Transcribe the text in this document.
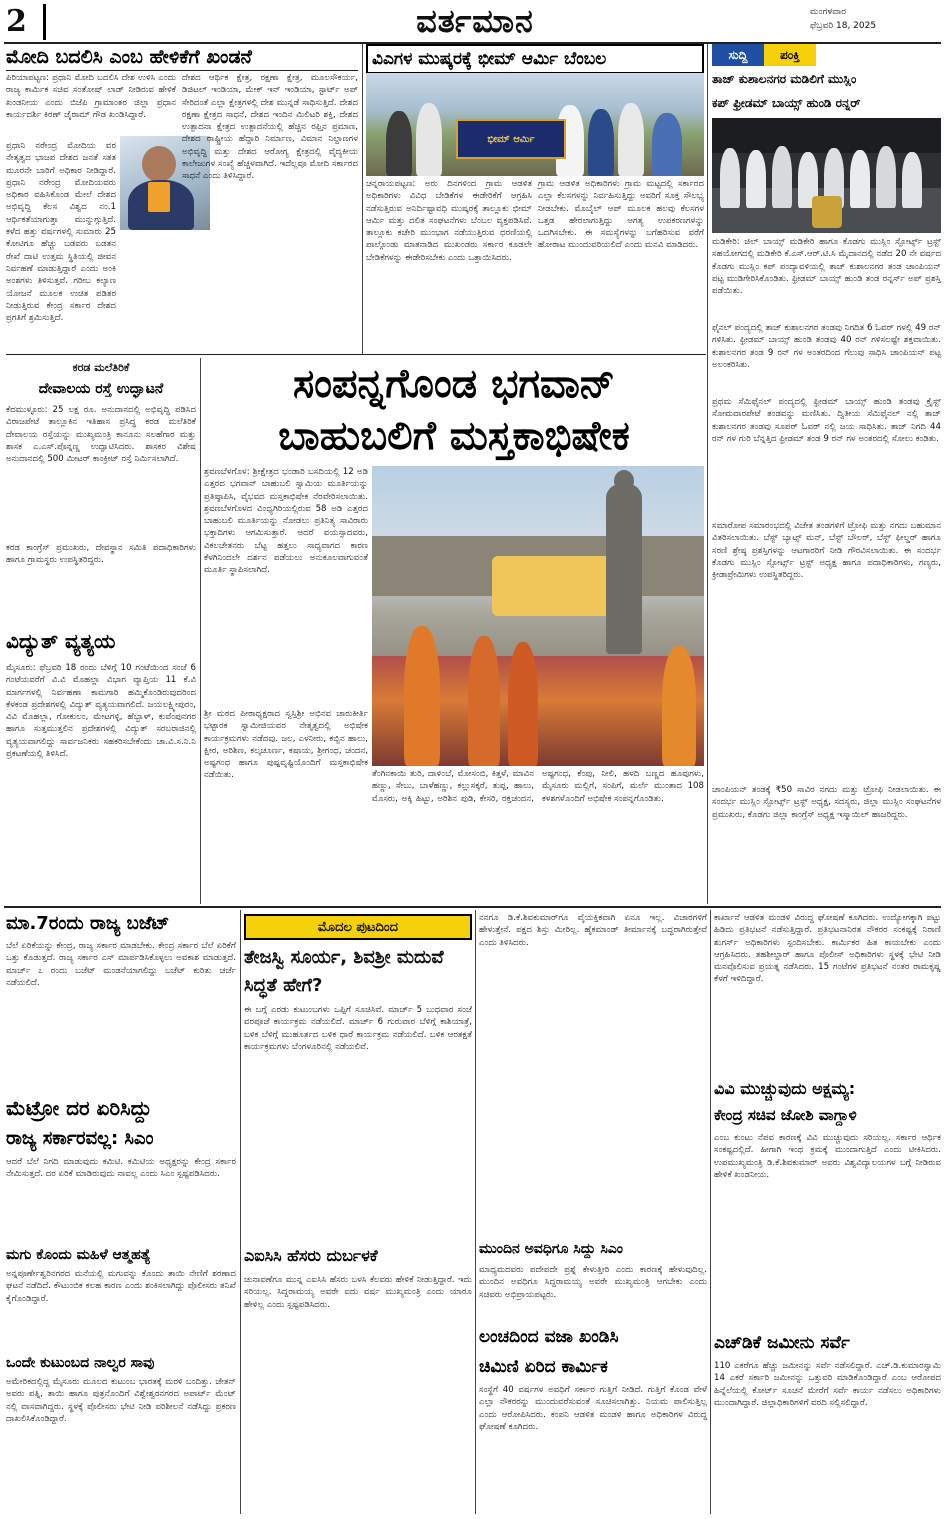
2	ವರ್ತಮಾನ	ಮಂಗಳವಾರ
ಫೆಬ್ರವರಿ 18, 2025
ಮೋದಿ ಬದಲಿಸಿ ಎಂಬ ಹೇಳಿಕೆಗೆ ಖಂಡನೆ
ಪಿರಿಯಾಪಟ್ಟಣ: ಪ್ರಧಾನಿ ಮೋದಿ ಬದಲಿಸಿ ದೇಶ ಉಳಿಸಿ ಎಂದು ರಾಜ್ಯ ಕಾರ್ಮಿಕ ಸಚಿವ ಸಂತೋಷ್ ಲಾಡ್ ನೀಡಿರುವ ಹೇಳಿಕೆ ಖಂಡನೀಯ ಎಂದು ಬಿಜೆಪಿ ಗ್ರಾಮಾಂತರ ಜಿಲ್ಲಾ ಪ್ರಧಾನ ಕಾರ್ಯದರ್ಶಿ ಕಿರಣ್ ಜೈರಾಮ್ ಗೌಡ ಖಂಡಿಸಿದ್ದಾರೆ.
ಪ್ರಧಾನಿ ನರೇಂದ್ರ ಮೋದಿಯ ವರ ನೇತೃತ್ವದ ಭಾಜಪ ದೇಶದ ಜನತೆ ಸತತ ಮೂರನೇ ಬಾರಿಗೆ ಅಧಿಕಾರ ನೀಡಿದ್ದಾರೆ. ಪ್ರಧಾನಿ ನರೇಂದ್ರ ಮೋದಿಯವರು ಅಧಿಕಾರ ವಹಿಸಿಕೊಂಡ ಮೇಲೆ ದೇಶದ ಅಭಿವೃದ್ಧಿ ಕೆಲಸ ವಿಶ್ವದ ನಂ.1 ಆರ್ಥಿಕತೆಯಾಗುತ್ತಾ ಮುನ್ನುಗ್ಗುತ್ತಿದೆ. ಕಳೆದ ಹತ್ತು ವರ್ಷಗಳಲ್ಲಿ ಸುಮಾರು 25 ಕೋಟಿಗೂ ಹೆಚ್ಚು ಬಡವರು ಬಡತನ ರೇಖೆ ದಾಟಿ ಉತ್ತಮ ಸ್ಥಿತಿಯಲ್ಲಿ ಜೀವನ ನಿರ್ವಹಣೆ ಮಾಡುತ್ತಿದ್ದಾರೆ ಎಂದು ಅಂಕಿ ಅಂಶಗಳು ತಿಳಿಸುತ್ತವೆ. ಗರೀಬ ಕಲ್ಯಾಣ ಯೋಜನೆ ಮೂಲಕ ಉಚಿತ ಪಡಿತರ ನೀಡುತ್ತಿರುವ ಕೇಂದ್ರ ಸರ್ಕಾರ ದೇಶದ ಪ್ರಗತಿಗೆ ಶ್ರಮಿಸುತ್ತಿದೆ.
ದೇಶದ ಆರ್ಥಿಕ ಕ್ಷೇತ್ರ, ರಕ್ಷಣಾ ಕ್ಷೇತ್ರ, ಮೂಲಸೌಕರ್ಯ, ಡಿಜಿಟಲ್ ಇಂಡಿಯಾ, ಮೇಕ್ ಇನ್ ಇಂಡಿಯಾ, ಸ್ಟಾರ್ಟ್ ಅಪ್ ಸೇರಿದಂತೆ ಎಲ್ಲಾ ಕ್ಷೇತ್ರಗಳಲ್ಲಿ ದೇಶ ಮುನ್ನಡೆ ಸಾಧಿಸುತ್ತಿದೆ. ದೇಶದ ರಕ್ಷಣಾ ಕ್ಷೇತ್ರದ ಸಾಧನೆ, ದೇಶದ ಇಂದಿನ ಮಿಲಿಟರಿ ಶಕ್ತಿ, ದೇಶದ ಉತ್ಪಾದನಾ ಕ್ಷೇತ್ರದ ಉತ್ಪಾದನೆಯಲ್ಲಿ ಹೆಚ್ಚಿನ ರಫ್ತಿನ ಪ್ರಮಾಣ, ದೇಶದ ರಾಷ್ಟ್ರೀಯ ಹೆದ್ದಾರಿ ನಿರ್ಮಾಣ, ವಿಮಾನ ನಿಲ್ದಾಣಗಳ ಅಭಿವೃದ್ಧಿ ಮತ್ತು ದೇಶದ ಆರೋಗ್ಯ ಕ್ಷೇತ್ರದಲ್ಲಿ ವೈದ್ಯಕೀಯ ಕಾಲೇಜುಗಳ ಸಂಖ್ಯೆ ಹೆಚ್ಚಳವಾಗಿದೆ. ಇದೆಲ್ಲವೂ ಮೋದಿ ಸರ್ಕಾರದ ಸಾಧನೆ ಎಂದು ತಿಳಿಸಿದ್ದಾರೆ.
ವಿಎಗಳ ಮುಷ್ಕರಕ್ಕೆ ಭೀಮ್ ಆರ್ಮಿ ಬೆಂಬಲ
ಭೀಮ್ ಆರ್ಮಿ
ಚನ್ನರಾಯಪಟ್ಟಣ: ಅರು ದಿನಗಳಿಂದ ಗ್ರಾಮ ಆಡಳಿತ ಅಧಿಕಾರಿಗಳು ವಿವಿಧ ಬೇಡಿಕೆಗಳ ಈಡೇರಿಕೆಗೆ ಆಗ್ರಹಿಸಿ ನಡೆಸುತ್ತಿರುವ ಅನಿರ್ದಿಷ್ಟಾವಧಿ ಮುಷ್ಕರಕ್ಕೆ ತಾಲ್ಲೂಕು ಭೀಮ್ ಆರ್ಮಿ ಮತ್ತು ದಲಿತ ಸಂಘಟನೆಗಳು ಬೆಂಬಲ ವ್ಯಕ್ತಪಡಿಸಿವೆ. ತಾಲ್ಲೂಕು ಕಚೇರಿ ಮುಂಭಾಗ ನಡೆಯುತ್ತಿರುವ ಧರಣಿಯಲ್ಲಿ ಪಾಲ್ಗೊಂಡು ಮಾತನಾಡಿದ ಮುಖಂಡರು ಸರ್ಕಾರ ಕೂಡಲೇ ಬೇಡಿಕೆಗಳನ್ನು ಈಡೇರಿಸಬೇಕು ಎಂದು ಒತ್ತಾಯಿಸಿದರು.
ಗ್ರಾಮ ಆಡಳಿತ ಅಧಿಕಾರಿಗಳು ಗ್ರಾಮ ಮಟ್ಟದಲ್ಲಿ ಸರ್ಕಾರದ ಎಲ್ಲಾ ಕೆಲಸಗಳನ್ನು ನಿರ್ವಹಿಸುತ್ತಿದ್ದು ಅವರಿಗೆ ಸೂಕ್ತ ಸೌಲಭ್ಯ ನೀಡಬೇಕು. ಮೊಬೈಲ್ ಆಪ್ ಮೂಲಕ ಹಲವು ಕೆಲಸಗಳ ಒತ್ತಡ ಹೇರಲಾಗುತ್ತಿದ್ದು ಅಗತ್ಯ ಉಪಕರಣಗಳನ್ನು ಒದಗಿಸಬೇಕು. ಈ ಸಮಸ್ಯೆಗಳನ್ನು ಬಗೆಹರಿಸುವ ವರೆಗೆ ಹೋರಾಟ ಮುಂದುವರಿಯಲಿದೆ ಎಂದು ಮನವಿ ಮಾಡಿದರು.
ಸುದ್ದಿ	ಪಂಕ್ತಿ
ತಾಜ್ ಕುಶಾಲನಗರ ಮಡಿಲಿಗೆ ಮುಸ್ಲಿಂ
ಕಪ್ ಫ್ರೀಡಮ್ ಬಾಯ್ಸ್ ಹುಂಡಿ ರನ್ನರ್
ಮಡಿಕೇರಿ: ಚಿಲ್ ಬಾಯ್ಸ್ ಮಡಿಕೇರಿ ಹಾಗೂ ಕೊಡಗು ಮುಸ್ಲಿಂ ಸ್ಪೋರ್ಟ್ಸ್ ಟ್ರಸ್ಟ್ ಸಹಯೋಗದಲ್ಲಿ ಮಡಿಕೇರಿ ಕೆ.ಎಸ್.ಆರ್.ಟಿ.ಸಿ ಮೈದಾನದಲ್ಲಿ ನಡೆದ 20 ನೇ ವರ್ಷದ ಕೊಡಗು ಮುಸ್ಲಿಂ ಕಪ್ ಪಂದ್ಯಾವಳಿಯಲ್ಲಿ ತಾಜ್ ಕುಶಾಲನಗರ ತಂಡ ಚಾಂಪಿಯನ್ ಪಟ್ಟ ಮುಡಿಗೇರಿಸಿಕೊಂಡಿತು. ಫ್ರೀಡಮ್ ಬಾಯ್ಸ್ ಹುಂಡಿ ತಂಡ ರನ್ನರ್ಸ್ ಅಪ್ ಪ್ರಶಸ್ತಿ ಪಡೆಯಿತು.
ಫೈನಲ್ ಪಂದ್ಯದಲ್ಲಿ ತಾಜ್ ಕುಶಾಲನಗರ ತಂಡವು ನಿಗದಿತ 6 ಓವರ್ ಗಳಲ್ಲಿ 49 ರನ್ ಗಳಿಸಿತು. ಫ್ರೀಡಮ್ ಬಾಯ್ಸ್ ಹುಂಡಿ ತಂಡವು 40 ರನ್ ಗಳಿಸಲಷ್ಟೇ ಶಕ್ತವಾಯಿತು. ಕುಶಾಲನಗರ ತಂಡ 9 ರನ್ ಗಳ ಅಂತರದಿಂದ ಗೆಲುವು ಸಾಧಿಸಿ ಚಾಂಪಿಯನ್ ಪಟ್ಟ ಅಲಂಕರಿಸಿತು.
ಪ್ರಥಮ ಸೆಮಿಫೈನಲ್ ಪಂದ್ಯದಲ್ಲಿ ಫ್ರೀಡಮ್ ಬಾಯ್ಸ್ ಹುಂಡಿ ತಂಡವು ಕ್ರೈಸ್ಟ್ ಸೋಮವಾರಪೇಟೆ ತಂಡವನ್ನು ಮಣಿಸಿತು. ದ್ವಿತೀಯ ಸೆಮಿಫೈನಲ್ ನಲ್ಲಿ ತಾಜ್ ಕುಶಾಲನಗರ ತಂಡವು ಸೂಪರ್ ಓವರ್ ನಲ್ಲಿ ಜಯ ಸಾಧಿಸಿತು. ತಾಜ್ ನಿಗದಿ 44 ರನ್ ಗಳ ಗುರಿ ಬೆನ್ನತ್ತಿದ ಫ್ರೀಡಮ್ ತಂಡ 9 ರನ್ ಗಳ ಅಂತರದಲ್ಲಿ ಸೋಲು ಕಂಡಿತು.
ಸಮಾರೋಪ ಸಮಾರಂಭದಲ್ಲಿ ವಿಜೇತ ತಂಡಗಳಿಗೆ ಟ್ರೋಫಿ ಮತ್ತು ನಗದು ಬಹುಮಾನ ವಿತರಿಸಲಾಯಿತು. ಬೆಸ್ಟ್ ಬ್ಯಾಟ್ಸ್ ಮನ್, ಬೆಸ್ಟ್ ಬೌಲರ್, ಬೆಸ್ಟ್ ಫೀಲ್ಡರ್ ಹಾಗೂ ಸರಣಿ ಶ್ರೇಷ್ಠ ಪ್ರಶಸ್ತಿಗಳನ್ನು ಆಟಗಾರರಿಗೆ ನೀಡಿ ಗೌರವಿಸಲಾಯಿತು. ಈ ಸಂದರ್ಭ ಕೊಡಗು ಮುಸ್ಲಿಂ ಸ್ಪೋರ್ಟ್ಸ್ ಟ್ರಸ್ಟ್ ಅಧ್ಯಕ್ಷ ಹಾಗೂ ಪದಾಧಿಕಾರಿಗಳು, ಗಣ್ಯರು, ಕ್ರೀಡಾಪ್ರೇಮಿಗಳು ಉಪಸ್ಥಿತರಿದ್ದರು.
ಚಾಂಪಿಯನ್ ತಂಡಕ್ಕೆ ₹50 ಸಾವಿರ ನಗದು ಮತ್ತು ಟ್ರೋಫಿ ನೀಡಲಾಯಿತು. ಈ ಸಂದರ್ಭ ಮುಸ್ಲಿಂ ಸ್ಪೋರ್ಟ್ಸ್ ಟ್ರಸ್ಟ್ ಅಧ್ಯಕ್ಷ, ಸದಸ್ಯರು, ಜಿಲ್ಲಾ ಮುಸ್ಲಿಂ ಸಂಘಟನೆಗಳ ಪ್ರಮುಖರು, ಕೊಡಗು ಜಿಲ್ಲಾ ಕಾಂಗ್ರೆಸ್ ಅಧ್ಯಕ್ಷ ಇಸ್ಮಾಯಿಲ್ ಹಾಜರಿದ್ದರು.
ಕರಡ ಮಲೆತಿರಿಕೆ
ದೇವಾಲಯ ರಸ್ತೆ ಉದ್ಘಾಟನೆ
ಕೆದಮುಳ್ಳೂರು: 25 ಲಕ್ಷ ರೂ. ಅನುದಾನದಲ್ಲಿ ಅಭಿವೃದ್ಧಿ ಪಡಿಸಿದ ವಿರಾಜಪೇಟೆ ತಾಲ್ಲೂಕಿನ ಇತಿಹಾಸ ಪ್ರಸಿದ್ಧ ಕರಡ ಮಲೆತಿರಿಕೆ ದೇವಾಲಯ ರಸ್ತೆಯನ್ನು ಮುಖ್ಯಮಂತ್ರಿ ಕಾನೂನು ಸಲಹೆಗಾರ ಮತ್ತು ಶಾಸಕ ಎ.ಎಸ್.ಪೊನ್ನಣ್ಣ ಉದ್ಘಾಟಿಸಿದರು. ಶಾಸಕರ ವಿಶೇಷ ಅನುದಾನದಲ್ಲಿ 500 ಮೀಟರ್ ಕಾಂಕ್ರೀಟ್ ರಸ್ತೆ ನಿರ್ಮಿಸಲಾಗಿದೆ.
ಕರಡ ಕಾಂಗ್ರೆಸ್ ಪ್ರಮುಖರು, ದೇವಸ್ಥಾನ ಸಮಿತಿ ಪದಾಧಿಕಾರಿಗಳು ಹಾಗೂ ಗ್ರಾಮಸ್ಥರು ಉಪಸ್ಥಿತರಿದ್ದರು.
ವಿದ್ಯುತ್ ವ್ಯತ್ಯಯ
ಮೈಸೂರು: ಫೆಬ್ರವರಿ 18 ರಂದು ಬೆಳಿಗ್ಗೆ 10 ಗಂಟೆಯಿಂದ ಸಂಜೆ 6 ಗಂಟೆಯವರೆಗೆ ವಿ.ವಿ ಮೊಹಲ್ಲಾ ವಿಭಾಗ ವ್ಯಾಪ್ತಿಯ 11 ಕೆ.ವಿ ಮಾರ್ಗಗಳಲ್ಲಿ ನಿರ್ವಹಣಾ ಕಾಮಗಾರಿ ಹಮ್ಮಿಕೊಂಡಿರುವುದರಿಂದ ಕೆಳಕಂಡ ಪ್ರದೇಶಗಳಲ್ಲಿ ವಿದ್ಯುತ್ ವ್ಯತ್ಯಯವಾಗಲಿದೆ. ಜಯಲಕ್ಷ್ಮೀಪುರಂ, ವಿವಿ ಮೊಹಲ್ಲಾ, ಗೋಕುಲಂ, ಮೇಟಗಳ್ಳಿ, ಹೆಬ್ಬಾಳ್, ಕುವೆಂಪುನಗರ ಹಾಗೂ ಸುತ್ತಮುತ್ತಲಿನ ಪ್ರದೇಶಗಳಲ್ಲಿ ವಿದ್ಯುತ್ ಸರಬರಾಜಿನಲ್ಲಿ ವ್ಯತ್ಯಯವಾಗಲಿದ್ದು ಸಾರ್ವಜನಿಕರು ಸಹಕರಿಸಬೇಕೆಂದು ಚಾ.ವಿ.ಸ.ನಿ.ನಿ ಪ್ರಕಟಣೆಯಲ್ಲಿ ತಿಳಿಸಿದೆ.
ಸಂಪನ್ನಗೊಂಡ ಭಗವಾನ್
ಬಾಹುಬಲಿಗೆ ಮಸ್ತಕಾಭಿಷೇಕ
ಶ್ರವಣಬೆಳಗೊಳ: ಶ್ರೀಕ್ಷೇತ್ರದ ಭಂಡಾರಿ ಬಸದಿಯಲ್ಲಿ 12 ಅಡಿ ಎತ್ತರದ ಭಗವಾನ್ ಬಾಹುಬಲಿ ಸ್ವಾಮಿಯ ಮೂರ್ತಿಯನ್ನು ಪ್ರತಿಷ್ಠಾಪಿಸಿ, ವೈಭವದ ಮಸ್ತಕಾಭಿಷೇಕ ನೆರವೇರಿಸಲಾಯಿತು. ಶ್ರವಣಬೆಳಗೊಳದ ವಿಂಧ್ಯಗಿರಿಯಲ್ಲಿರುವ 58 ಅಡಿ ಎತ್ತರದ ಬಾಹುಬಲಿ ಮೂರ್ತಿಯನ್ನು ನೋಡಲು ಪ್ರತಿನಿತ್ಯ ಸಾವಿರಾರು ಭಕ್ತಾದಿಗಳು ಆಗಮಿಸುತ್ತಾರೆ. ಆದರೆ ವಯಸ್ಸಾದವರು, ವಿಕಲಚೇತನರು ಬೆಟ್ಟ ಹತ್ತಲು ಸಾಧ್ಯವಾಗದ ಕಾರಣ ಕೆಳಗಿನಿಂದಲೇ ದರ್ಶನ ಪಡೆಯಲು ಅನುಕೂಲವಾಗುವಂತೆ ಮೂರ್ತಿ ಸ್ಥಾಪಿಸಲಾಗಿದೆ.
ಶ್ರೀ ಮಠದ ಪೀಠಾಧ್ಯಕ್ಷರಾದ ಸ್ವಸ್ತಿಶ್ರೀ ಅಭಿನವ ಚಾರುಕೀರ್ತಿ ಭಟ್ಟಾರಕ ಸ್ವಾಮೀಜಿಯವರ ನೇತೃತ್ವದಲ್ಲಿ ಅಭಿಷೇಕ ಕಾರ್ಯಕ್ರಮಗಳು ನಡೆದವು. ಜಲ, ಎಳನೀರು, ಕಬ್ಬಿನ ಹಾಲು, ಕ್ಷೀರ, ಅರಿಶಿಣ, ಕಲ್ಕಚೂರ್ಣ, ಕಷಾಯ, ಶ್ರೀಗಂಧ, ಚಂದನ, ಅಷ್ಟಗಂಧ ಹಾಗೂ ಪುಷ್ಪವೃಷ್ಟಿಯೊಂದಿಗೆ ಮಸ್ತಕಾಭಿಷೇಕ ನಡೆಯಿತು.	ತೆಂಗಿನಕಾಯಿ ತುರಿ, ದಾಳಿಂಬೆ, ಮೋಸಂಬಿ, ಕಿತ್ತಳೆ, ಮಾವಿನ ಹಣ್ಣು, ಸೇಬು, ಬಾಳೆಹಣ್ಣು, ಕಲ್ಲುಸಕ್ಕರೆ, ತುಪ್ಪ, ಹಾಲು, ಮೊಸರು, ಅಕ್ಕಿ ಹಿಟ್ಟು, ಅರಿಶಿನ ಪುಡಿ, ಕೇಸರಿ, ರಕ್ತಚಂದನ, ಅಷ್ಟಗಂಧ, ಕೆಂಪು, ನೀಲಿ, ಹಳದಿ ಬಣ್ಣದ ಹೂವುಗಳು, ಮೈಸೂರು ಮಲ್ಲಿಗೆ, ಸಂಪಿಗೆ, ಮರ್ಲೆ ಮುಂತಾದ 108 ಕಳಶಗಳೊಂದಿಗೆ ಅಭಿಷೇಕ ಸಂಪನ್ನಗೊಂಡಿತು.
ಮಾ.7ರಂದು ರಾಜ್ಯ ಬಜೆಟ್
ಬೆಲೆ ಏರಿಕೆಯನ್ನು ಕೇಂದ್ರ, ರಾಜ್ಯ ಸರ್ಕಾರ ಮಾಡಬೇಕು. ಕೇಂದ್ರ ಸರ್ಕಾರ ಬೆಲೆ ಏರಿಕೆಗೆ ಒತ್ತು ಕೊಡುತ್ತದೆ. ರಾಜ್ಯ ಸರ್ಕಾರ ಎಸ್ ಮಾರ್ಪಡಿಸಿಕೊಳ್ಳಲು ಅವಕಾಶ ಮಾಡುತ್ತದೆ. ಮಾರ್ಚ್ ೭ ರಂದು ಬಜೆಟ್ ಮಂಡನೆಯಾಗಲಿದ್ದು ಬಜೆಟ್ ಕುರಿತು ಚರ್ಚೆ ನಡೆಯಲಿದೆ.
ಮೆಟ್ರೋ ದರ ಏರಿಸಿದ್ದು
ರಾಜ್ಯ ಸರ್ಕಾರವಲ್ಲ: ಸಿಎಂ
ಆದರೆ ಬೆಲೆ ನಿಗದಿ ಮಾಡುವುದು ಕಮಿಟಿ. ಕಮಿಟಿಯ ಅಧ್ಯಕ್ಷರನ್ನು ಕೇಂದ್ರ ಸರ್ಕಾರ ನೇಮಿಸುತ್ತದೆ. ದರ ಏರಿಕೆ ಮಾಡಿರುವುದು ನಾವಲ್ಲ ಎಂದು ಸಿಎಂ ಸ್ಪಷ್ಟಪಡಿಸಿದರು.
ಮಗು ಕೊಂದು ಮಹಿಳೆ ಆತ್ಮಹತ್ಯೆ
ಅನ್ನಪೂರ್ಣೇಶ್ವರಿನಗರದ ಮನೆಯಲ್ಲಿ ಮಗುವನ್ನು ಕೊಂದು ತಾಯಿ ನೇಣಿಗೆ ಶರಣಾದ ಘಟನೆ ನಡೆದಿದೆ. ಕೌಟುಂಬಿಕ ಕಲಹ ಕಾರಣ ಎಂದು ಶಂಕಿಸಲಾಗಿದ್ದು ಪೊಲೀಸರು ತನಿಖೆ ಕೈಗೊಂಡಿದ್ದಾರೆ.
ಒಂದೇ ಕುಟುಂಬದ ನಾಲ್ವರ ಸಾವು
ಅಮೇರಿಕದಲ್ಲಿದ್ದ ಮೈಸೂರು ಮೂಲದ ಕುಟುಂಬ ಭಾರತಕ್ಕೆ ಮರಳಿ ಬಂದಿತ್ತು. ಚೇತನ್ ಅವರು ಪತ್ನಿ, ತಾಯಿ ಹಾಗೂ ಪುತ್ರನೊಂದಿಗೆ ವಿಶ್ವೇಶ್ವರನಗರದ ಅಪಾರ್ಟ್ ಮೆಂಟ್ ನಲ್ಲಿ ವಾಸವಾಗಿದ್ದರು. ಸ್ಥಳಕ್ಕೆ ಪೊಲೀಸರು ಭೇಟಿ ನೀಡಿ ಪರಿಶೀಲನೆ ನಡೆಸಿದ್ದು ಪ್ರಕರಣ ದಾಖಲಿಸಿಕೊಂಡಿದ್ದಾರೆ.
ಮೊದಲ ಪುಟದಿಂದ
ತೇಜಸ್ವಿ ಸೂರ್ಯ, ಶಿವಶ್ರೀ ಮದುವೆ ಸಿದ್ಧತೆ ಹೇಗೆ?
ಈ ಬಗ್ಗೆ ಎರಡು ಕುಟುಂಬಗಳು ಒಪ್ಪಿಗೆ ಸೂಚಿಸಿವೆ. ಮಾರ್ಚ್ 5 ಬುಧವಾರ ಸಂಜೆ ವರಪೂಜೆ ಕಾರ್ಯಕ್ರಮ ನಡೆಯಲಿದೆ. ಮಾರ್ಚ್ 6 ಗುರುವಾರ ಬೆಳಿಗ್ಗೆ ಕಾಶಿಯಾತ್ರೆ, ಬಳಿಕ ಬೆಳಿಗ್ಗೆ ಮುಹೂರ್ತದ ಬಳಿಕ ಧಾರೆ ಕಾರ್ಯಕ್ರಮ ನಡೆಯಲಿದೆ. ಬಳಿಕ ಆರತಕ್ಷತೆ ಕಾರ್ಯಕ್ರಮಗಳು ಬೆಂಗಳೂರಿನಲ್ಲಿ ನಡೆಯಲಿವೆ.
ಎಐಸಿಸಿ ಹೆಸರು ದುರ್ಬಳಕೆ
ಚುನಾವಣೆಗೂ ಮುನ್ನ ಎಐಸಿಸಿ ಹೆಸರು ಬಳಸಿ ಕೆಲವರು ಹೇಳಿಕೆ ನೀಡುತ್ತಿದ್ದಾರೆ. ಇದು ಸರಿಯಲ್ಲ. ಸಿದ್ದರಾಮಯ್ಯ ಅವರೇ ಐದು ವರ್ಷ ಮುಖ್ಯಮಂತ್ರಿ ಎಂದು ಯಾರೂ ಹೇಳಿಲ್ಲ ಎಂದು ಸ್ಪಷ್ಟಪಡಿಸಿದರು.
ನನಗೂ ಡಿ.ಕೆ.ಶಿವಕುಮಾರ್‌ಗೂ ವೈಯಕ್ತಿಕವಾಗಿ ಏನೂ ಇಲ್ಲ. ವಿಚಾರಗಳಿಗೆ ಹೇಳುತ್ತೇನೆ. ಪಕ್ಷದ ಶಿಸ್ತು ಮೀರಿಲ್ಲ. ಹೈಕಮಾಂಡ್ ತೀರ್ಮಾನಕ್ಕೆ ಬದ್ಧರಾಗಿರುತ್ತೇವೆ ಎಂದು ತಿಳಿಸಿದರು.
ಮುಂದಿನ ಅವಧಿಗೂ ಸಿದ್ದು ಸಿಎಂ
ಮಾಧ್ಯಮದವರು ಪದೇಪದೇ ಪ್ರಶ್ನೆ ಕೇಳುತ್ತೀರಿ ಎಂದು ಕಾರಣಕ್ಕೆ ಹೇಳುವುದಿಲ್ಲ. ಮುಂದಿನ ಅವಧಿಗೂ ಸಿದ್ದರಾಮಯ್ಯ ಅವರೇ ಮುಖ್ಯಮಂತ್ರಿ ಆಗಬೇಕು ಎಂದು ಸಚಿವರು ಅಭಿಪ್ರಾಯಪಟ್ಟರು.
ಲಂಚದಿಂದ ವಜಾ ಖಂಡಿಸಿ
ಚಿಮಿಣಿ ಏರಿದ ಕಾರ್ಮಿಕ
ಸಂಸ್ಥೆಗೆ 40 ವರ್ಷಗಳ ಅವಧಿಗೆ ಸರ್ಕಾರ ಗುತ್ತಿಗೆ ನೀಡಿದೆ. ಗುತ್ತಿಗೆ ಕೊಂಡ ವೇಳೆ ಎಲ್ಲಾ ನೌಕರರನ್ನು ಮುಂದುವರೆಸುವಂತೆ ಸೂಚಿಸಲಾಗಿತ್ತು. ನಿಯಮ ಪಾಲಿಸುತ್ತಿಲ್ಲ ಎಂದು ಆರೋಪಿಸಿದರು. ಕಂಪನಿ ಆಡಳಿತ ಮಂಡಳಿ ಹಾಗೂ ಅಧಿಕಾರಿಗಳ ವಿರುದ್ಧ ಘೋಷಣೆ ಕೂಗಿದರು.
ಕಾರ್ಖಾನೆ ಆಡಳಿತ ಮಂಡಳಿ ವಿರುದ್ಧ ಘೋಷಣೆ ಕೂಗಿದರು. ಉದ್ಯೋಗಕ್ಕಾಗಿ ಪಟ್ಟು ಹಿಡಿದು ಪ್ರತಿಭಟನೆ ನಡೆಸುತ್ತಿದ್ದಾರೆ. ಪ್ರತಿಭಟನಾನಿರತ ನೌಕರರ ಸಂಕಷ್ಟಕ್ಕೆ ನಿರಾಣಿ ಶುಗರ್ಸ್ ಅಧಿಕಾರಿಗಳು ಸ್ಪಂದಿಸಬೇಕು. ಕಾರ್ಮಿಕರ ಹಿತ ಕಾಯಬೇಕು ಎಂದು ಆಗ್ರಹಿಸಿದರು. ತಹಶೀಲ್ದಾರ್ ಹಾಗೂ ಪೊಲೀಸ್ ಅಧಿಕಾರಿಗಳು ಸ್ಥಳಕ್ಕೆ ಭೇಟಿ ನೀಡಿ ಮನವೊಲಿಸುವ ಪ್ರಯತ್ನ ನಡೆಸಿದರು. 15 ಗಂಟೆಗಳ ಪ್ರತಿಭಟನೆ ನಂತರ ರಾಮಕೃಷ್ಣ ಕೆಳಗೆ ಇಳಿದಿದ್ದಾರೆ.
ವಿವಿ ಮುಚ್ಚುವುದು ಅಕ್ಷಮ್ಯ:
ಕೇಂದ್ರ ಸಚಿವ ಜೋಶಿ ವಾಗ್ದಾಳಿ
ಎಂಬ ಕುಂಟು ನೆಪವ ಕಾರಣಕ್ಕೆ ವಿವಿ ಮುಚ್ಚುವುದು ಸರಿಯಲ್ಲ. ಸರ್ಕಾರ ಆರ್ಥಿಕ ಸಂಕಷ್ಟದಲ್ಲಿದೆ. ಹೀಗಾಗಿ ಇಂಥ ಕ್ರಮಕ್ಕೆ ಮುಂದಾಗುತ್ತಿದೆ ಎಂದು ಟೀಕಿಸಿದರು. ಉಪಮುಖ್ಯಮಂತ್ರಿ ಡಿ.ಕೆ.ಶಿವಕುಮಾರ್ ಅವರು ವಿಶ್ವವಿದ್ಯಾಲಯಗಳ ಬಗ್ಗೆ ನೀಡಿರುವ ಹೇಳಿಕೆ ಖಂಡನೀಯ.
ಎಚ್‌ಡಿಕೆ ಜಮೀನು ಸರ್ವೆ
110 ಎಕರೆಗೂ ಹೆಚ್ಚು ಜಮೀನನ್ನು ಸರ್ವೆ ನಡೆಸಲಿದ್ದಾರೆ. ಎಚ್.ಡಿ.ಕುಮಾರಸ್ವಾಮಿ 14 ಎಕರೆ ಸರ್ಕಾರಿ ಜಮೀನನ್ನು ಒತ್ತುವರಿ ಮಾಡಿಕೊಂಡಿದ್ದಾರೆ ಎಂಬ ಆರೋಪದ ಹಿನ್ನೆಲೆಯಲ್ಲಿ ಕೋರ್ಟ್ ಸೂಚನೆ ಮೇರೆಗೆ ಸರ್ವೆ ಕಾರ್ಯ ನಡೆಸಲು ಅಧಿಕಾರಿಗಳು ಮುಂದಾಗಿದ್ದಾರೆ. ಜಿಲ್ಲಾಧಿಕಾರಿಗಳಿಗೆ ವರದಿ ಸಲ್ಲಿಸಲಿದ್ದಾರೆ.
